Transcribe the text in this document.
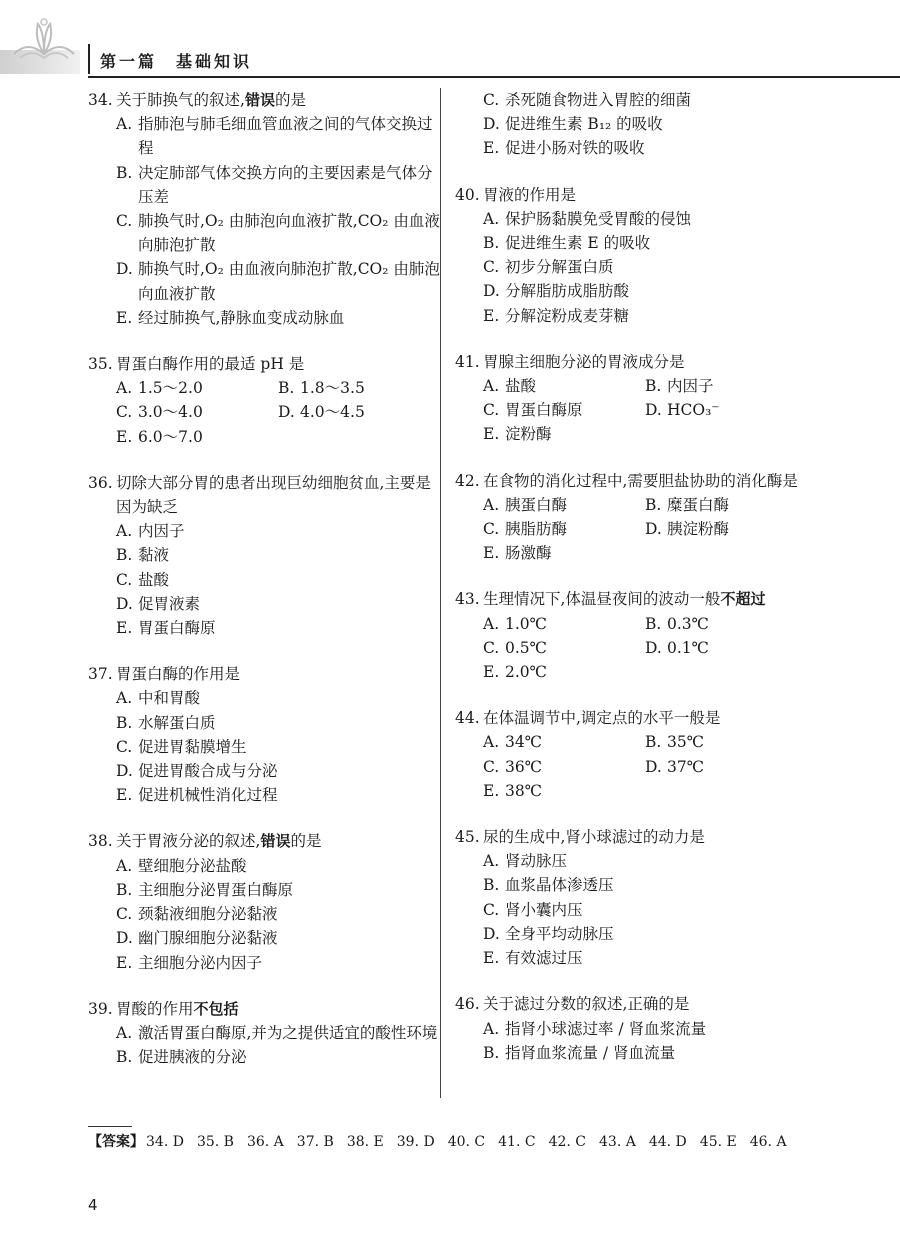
第一篇　基础知识
34. 关于肺换气的叙述,错误的是
A. 指肺泡与肺毛细血管血液之间的气体交换过程
B. 决定肺部气体交换方向的主要因素是气体分压差
C. 肺换气时,O₂ 由肺泡向血液扩散,CO₂ 由血液向肺泡扩散
D. 肺换气时,O₂ 由血液向肺泡扩散,CO₂ 由肺泡向血液扩散
E. 经过肺换气,静脉血变成动脉血
35. 胃蛋白酶作用的最适 pH 是
A. 1.5～2.0	B. 1.8～3.5
C. 3.0～4.0	D. 4.0～4.5
E. 6.0～7.0
36. 切除大部分胃的患者出现巨幼细胞贫血,主要是因为缺乏
A. 内因子
B. 黏液
C. 盐酸
D. 促胃液素
E. 胃蛋白酶原
37. 胃蛋白酶的作用是
A. 中和胃酸
B. 水解蛋白质
C. 促进胃黏膜增生
D. 促进胃酸合成与分泌
E. 促进机械性消化过程
38. 关于胃液分泌的叙述,错误的是
A. 壁细胞分泌盐酸
B. 主细胞分泌胃蛋白酶原
C. 颈黏液细胞分泌黏液
D. 幽门腺细胞分泌黏液
E. 主细胞分泌内因子
39. 胃酸的作用不包括
A. 激活胃蛋白酶原,并为之提供适宜的酸性环境
B. 促进胰液的分泌
C. 杀死随食物进入胃腔的细菌
D. 促进维生素 B₁₂ 的吸收
E. 促进小肠对铁的吸收
40. 胃液的作用是
A. 保护肠黏膜免受胃酸的侵蚀
B. 促进维生素 E 的吸收
C. 初步分解蛋白质
D. 分解脂肪成脂肪酸
E. 分解淀粉成麦芽糖
41. 胃腺主细胞分泌的胃液成分是
A. 盐酸	B. 内因子
C. 胃蛋白酶原	D. HCO₃⁻
E. 淀粉酶
42. 在食物的消化过程中,需要胆盐协助的消化酶是
A. 胰蛋白酶	B. 糜蛋白酶
C. 胰脂肪酶	D. 胰淀粉酶
E. 肠激酶
43. 生理情况下,体温昼夜间的波动一般不超过
A. 1.0℃	B. 0.3℃
C. 0.5℃	D. 0.1℃
E. 2.0℃
44. 在体温调节中,调定点的水平一般是
A. 34℃	B. 35℃
C. 36℃	D. 37℃
E. 38℃
45. 尿的生成中,肾小球滤过的动力是
A. 肾动脉压
B. 血浆晶体渗透压
C. 肾小囊内压
D. 全身平均动脉压
E. 有效滤过压
46. 关于滤过分数的叙述,正确的是
A. 指肾小球滤过率 / 肾血浆流量
B. 指肾血浆流量 / 肾血流量
【答案】 34. D 35. B 36. A 37. B 38. E 39. D 40. C 41. C 42. C 43. A 44. D 45. E 46. A
4
